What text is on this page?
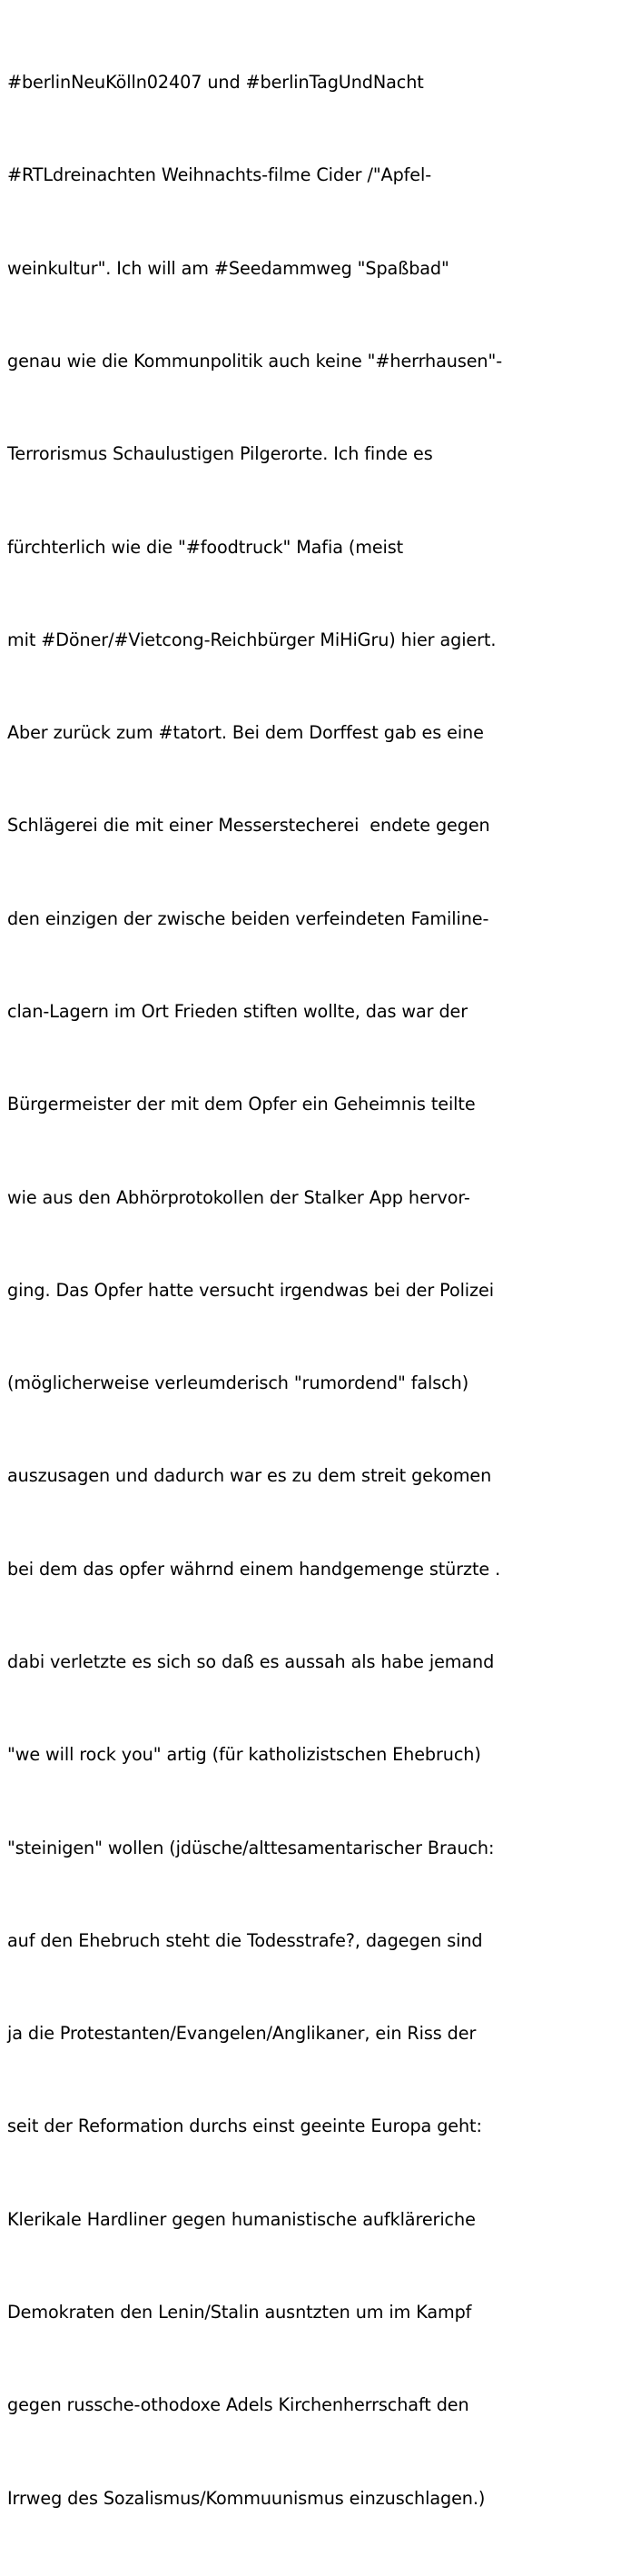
#berlinNeuKölln02407 und #berlinTagUndNacht

#RTLdreinachten Weihnachts-filme Cider /"Apfel-

weinkultur". Ich will am #Seedammweg "Spaßbad"

genau wie die Kommunpolitik auch keine "#herrhausen"-

Terrorismus Schaulustigen Pilgerorte. Ich finde es

fürchterlich wie die "#foodtruck" Mafia (meist

mit #Döner/#Vietcong-Reichbürger MiHiGru) hier agiert.

Aber zurück zum #tatort. Bei dem Dorffest gab es eine

Schlägerei die mit einer Messerstecherei  endete gegen

den einzigen der zwische beiden verfeindeten Familine-

clan-Lagern im Ort Frieden stiften wollte, das war der

Bürgermeister der mit dem Opfer ein Geheimnis teilte

wie aus den Abhörprotokollen der Stalker App hervor-

ging. Das Opfer hatte versucht irgendwas bei der Polizei

(möglicherweise verleumderisch "rumordend" falsch)

auszusagen und dadurch war es zu dem streit gekomen

bei dem das opfer währnd einem handgemenge stürzte .

dabi verletzte es sich so daß es aussah als habe jemand

"we will rock you" artig (für katholizistschen Ehebruch)

"steinigen" wollen (jdüsche/alttesamentarischer Brauch:

auf den Ehebruch steht die Todesstrafe?, dagegen sind

ja die Protestanten/Evangelen/Anglikaner, ein Riss der

seit der Reformation durchs einst geeinte Europa geht:

Klerikale Hardliner gegen humanistische aufkläreriche

Demokraten den Lenin/Stalin ausntzten um im Kampf

gegen russche-othodoxe Adels Kirchenherrschaft den

Irrweg des Sozalismus/Kommuunismus einzuschlagen.)
